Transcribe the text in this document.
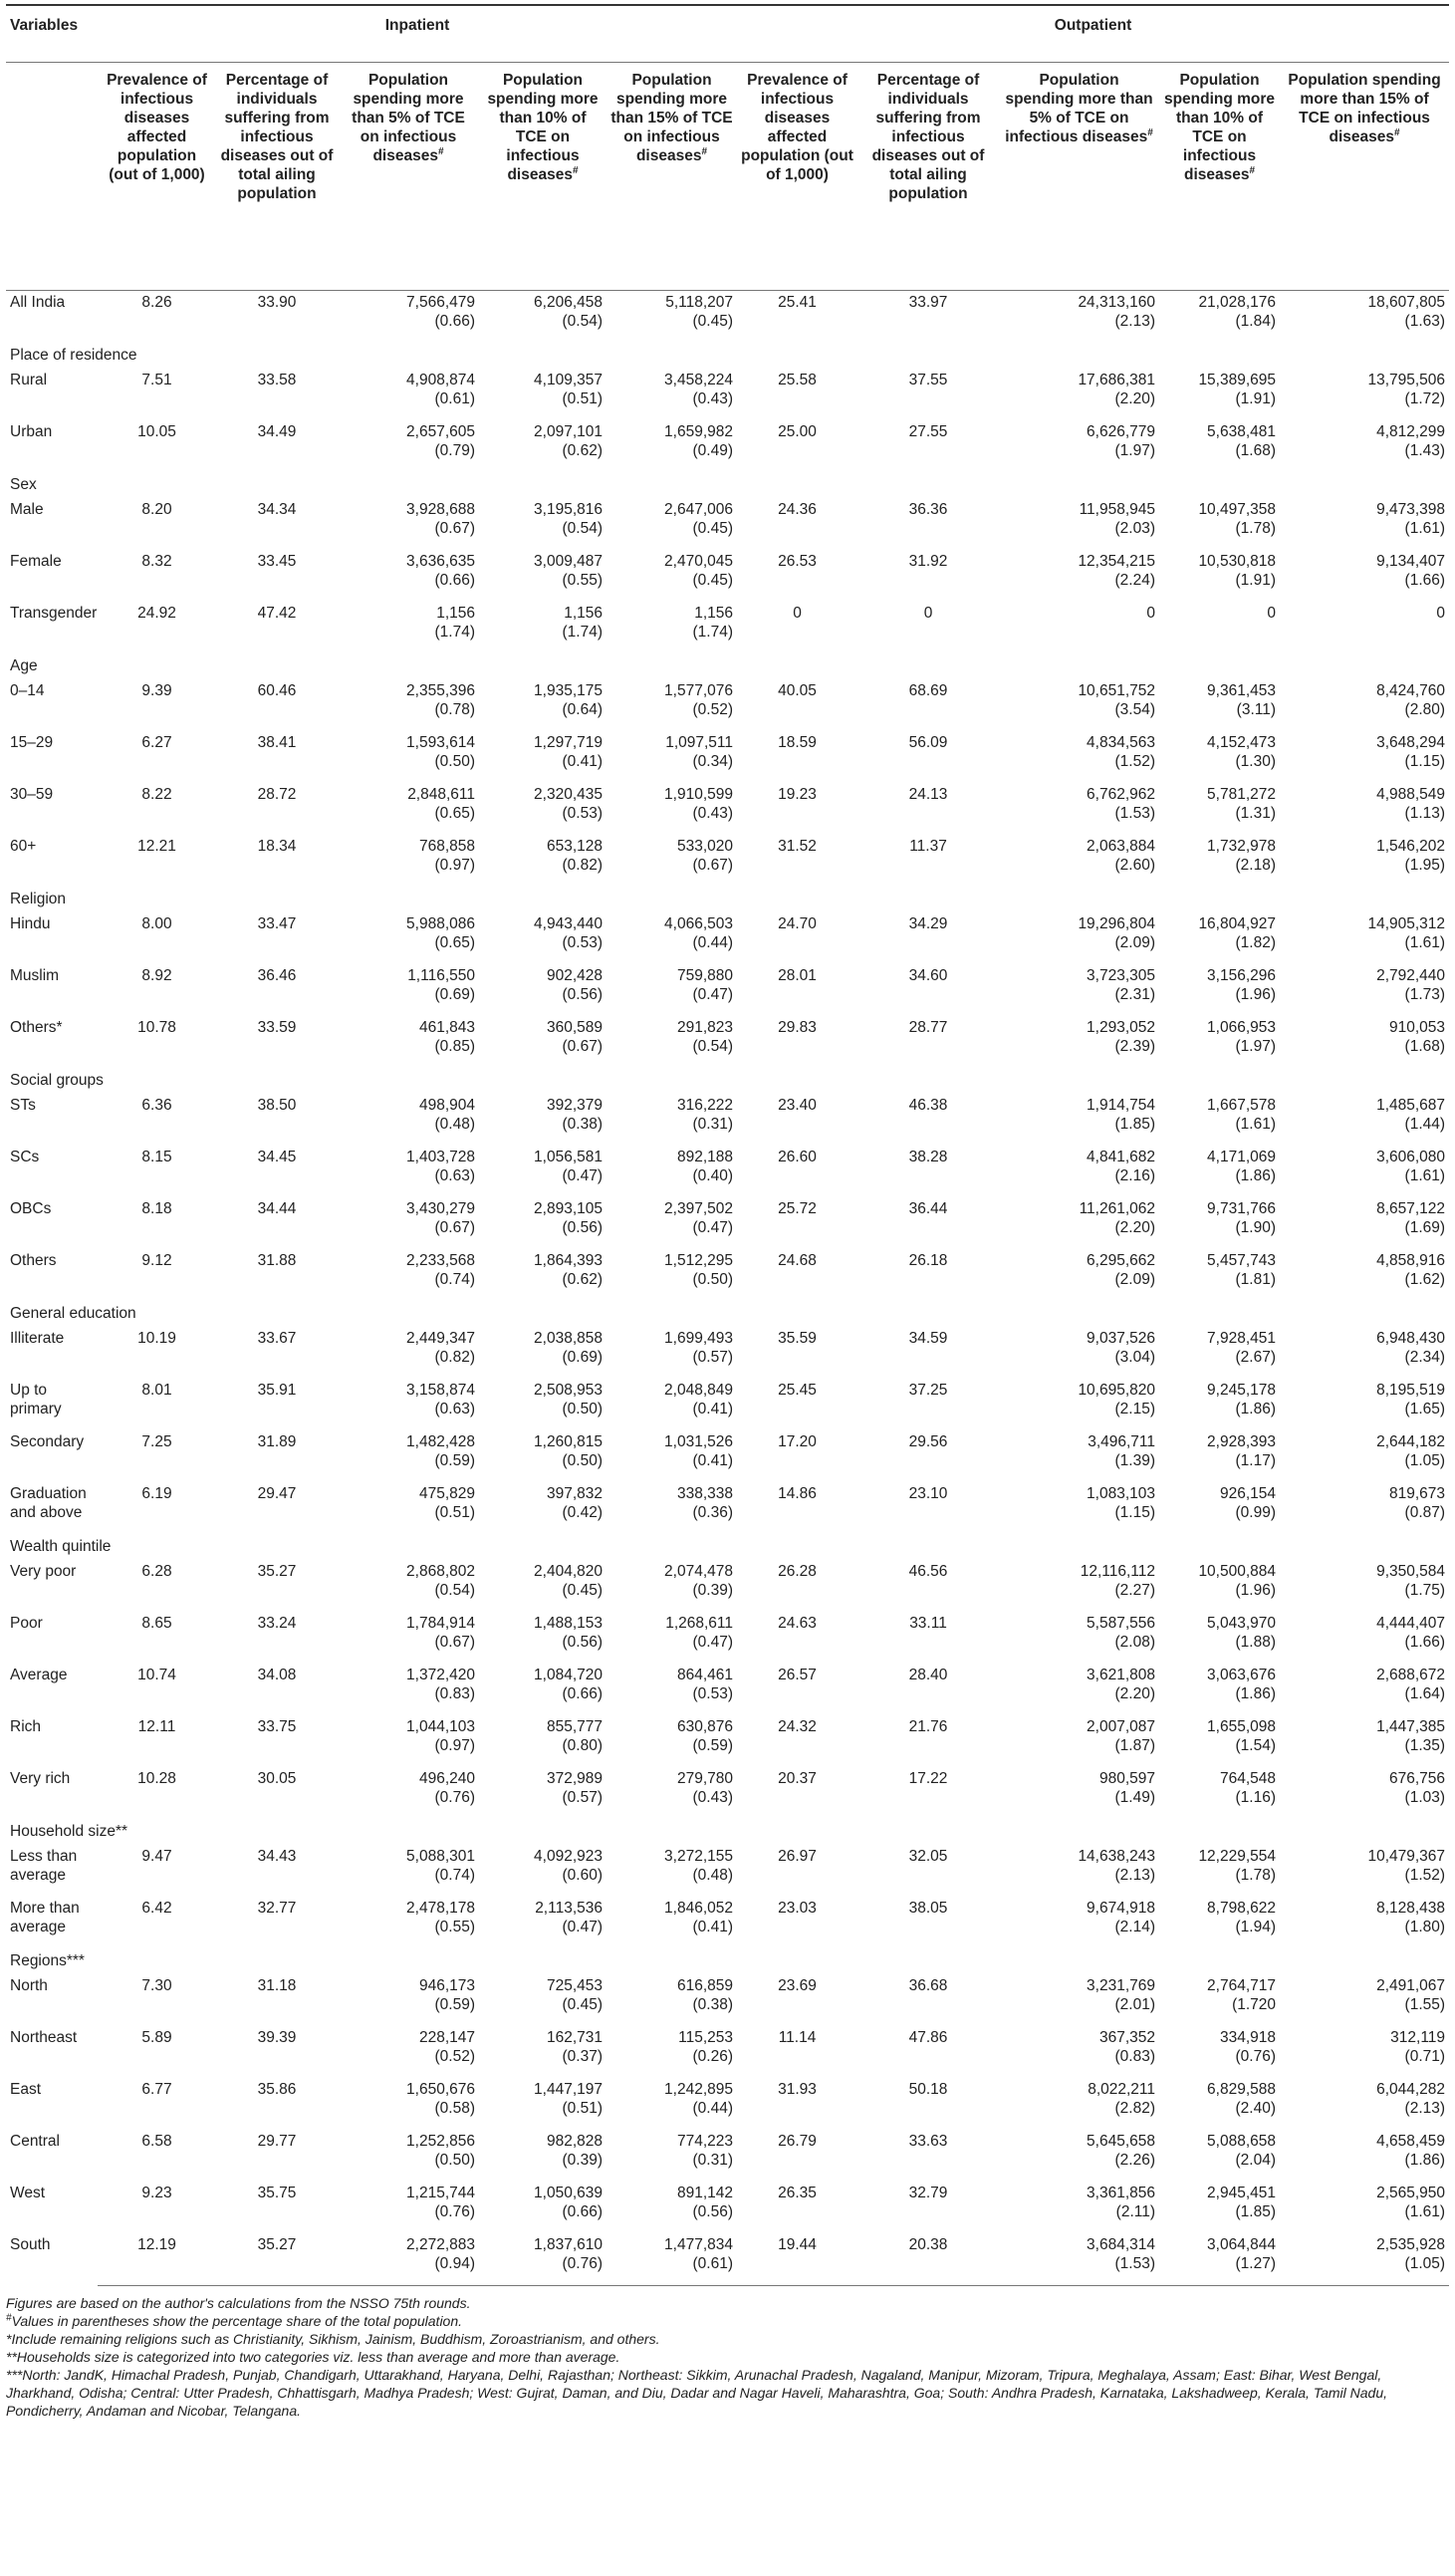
Variables	Inpatient					Outpatient				
	Prevalence of infectious diseases affected population (out of 1,000)	Percentage of individuals suffering from infectious diseases out of total ailing population	Population spending more than 5% of TCE on infectious diseases#	Population spending more than 10% of TCE on infectious diseases#	Population spending more than 15% of TCE on infectious diseases#	Prevalence of infectious diseases affected population (out of 1,000)	Percentage of individuals suffering from infectious diseases out of total ailing population	Population spending more than 5% of TCE on infectious diseases#	Population spending more than 10% of TCE on infectious diseases#	Population spending more than 15% of TCE on infectious diseases#
All India	8.26	33.90	7,566,479	6,206,458	5,118,207	25.41	33.97	24,313,160	21,028,176	18,607,805
			(0.66)	(0.54)	(0.45)			(2.13)	(1.84)	(1.63)
Place of residence										
Rural	7.51	33.58	4,908,874	4,109,357	3,458,224	25.58	37.55	17,686,381	15,389,695	13,795,506
			(0.61)	(0.51)	(0.43)			(2.20)	(1.91)	(1.72)
Urban	10.05	34.49	2,657,605	2,097,101	1,659,982	25.00	27.55	6,626,779	5,638,481	4,812,299
			(0.79)	(0.62)	(0.49)			(1.97)	(1.68)	(1.43)
Sex										
Male	8.20	34.34	3,928,688	3,195,816	2,647,006	24.36	36.36	11,958,945	10,497,358	9,473,398
			(0.67)	(0.54)	(0.45)			(2.03)	(1.78)	(1.61)
Female	8.32	33.45	3,636,635	3,009,487	2,470,045	26.53	31.92	12,354,215	10,530,818	9,134,407
			(0.66)	(0.55)	(0.45)			(2.24)	(1.91)	(1.66)
Transgender	24.92	47.42	1,156	1,156	1,156	0	0	0	0	0
			(1.74)	(1.74)	(1.74)					
Age										
0–14	9.39	60.46	2,355,396	1,935,175	1,577,076	40.05	68.69	10,651,752	9,361,453	8,424,760
			(0.78)	(0.64)	(0.52)			(3.54)	(3.11)	(2.80)
15–29	6.27	38.41	1,593,614	1,297,719	1,097,511	18.59	56.09	4,834,563	4,152,473	3,648,294
			(0.50)	(0.41)	(0.34)			(1.52)	(1.30)	(1.15)
30–59	8.22	28.72	2,848,611	2,320,435	1,910,599	19.23	24.13	6,762,962	5,781,272	4,988,549
			(0.65)	(0.53)	(0.43)			(1.53)	(1.31)	(1.13)
60+	12.21	18.34	768,858	653,128	533,020	31.52	11.37	2,063,884	1,732,978	1,546,202
			(0.97)	(0.82)	(0.67)			(2.60)	(2.18)	(1.95)
Religion										
Hindu	8.00	33.47	5,988,086	4,943,440	4,066,503	24.70	34.29	19,296,804	16,804,927	14,905,312
			(0.65)	(0.53)	(0.44)			(2.09)	(1.82)	(1.61)
Muslim	8.92	36.46	1,116,550	902,428	759,880	28.01	34.60	3,723,305	3,156,296	2,792,440
			(0.69)	(0.56)	(0.47)			(2.31)	(1.96)	(1.73)
Others*	10.78	33.59	461,843	360,589	291,823	29.83	28.77	1,293,052	1,066,953	910,053
			(0.85)	(0.67)	(0.54)			(2.39)	(1.97)	(1.68)
Social groups										
STs	6.36	38.50	498,904	392,379	316,222	23.40	46.38	1,914,754	1,667,578	1,485,687
			(0.48)	(0.38)	(0.31)			(1.85)	(1.61)	(1.44)
SCs	8.15	34.45	1,403,728	1,056,581	892,188	26.60	38.28	4,841,682	4,171,069	3,606,080
			(0.63)	(0.47)	(0.40)			(2.16)	(1.86)	(1.61)
OBCs	8.18	34.44	3,430,279	2,893,105	2,397,502	25.72	36.44	11,261,062	9,731,766	8,657,122
			(0.67)	(0.56)	(0.47)			(2.20)	(1.90)	(1.69)
Others	9.12	31.88	2,233,568	1,864,393	1,512,295	24.68	26.18	6,295,662	5,457,743	4,858,916
			(0.74)	(0.62)	(0.50)			(2.09)	(1.81)	(1.62)
General education										
Illiterate	10.19	33.67	2,449,347	2,038,858	1,699,493	35.59	34.59	9,037,526	7,928,451	6,948,430
			(0.82)	(0.69)	(0.57)			(3.04)	(2.67)	(2.34)
Up to primary	8.01	35.91	3,158,874	2,508,953	2,048,849	25.45	37.25	10,695,820	9,245,178	8,195,519
			(0.63)	(0.50)	(0.41)			(2.15)	(1.86)	(1.65)
Secondary	7.25	31.89	1,482,428	1,260,815	1,031,526	17.20	29.56	3,496,711	2,928,393	2,644,182
			(0.59)	(0.50)	(0.41)			(1.39)	(1.17)	(1.05)
Graduation and above	6.19	29.47	475,829	397,832	338,338	14.86	23.10	1,083,103	926,154	819,673
			(0.51)	(0.42)	(0.36)			(1.15)	(0.99)	(0.87)
Wealth quintile										
Very poor	6.28	35.27	2,868,802	2,404,820	2,074,478	26.28	46.56	12,116,112	10,500,884	9,350,584
			(0.54)	(0.45)	(0.39)			(2.27)	(1.96)	(1.75)
Poor	8.65	33.24	1,784,914	1,488,153	1,268,611	24.63	33.11	5,587,556	5,043,970	4,444,407
			(0.67)	(0.56)	(0.47)			(2.08)	(1.88)	(1.66)
Average	10.74	34.08	1,372,420	1,084,720	864,461	26.57	28.40	3,621,808	3,063,676	2,688,672
			(0.83)	(0.66)	(0.53)			(2.20)	(1.86)	(1.64)
Rich	12.11	33.75	1,044,103	855,777	630,876	24.32	21.76	2,007,087	1,655,098	1,447,385
			(0.97)	(0.80)	(0.59)			(1.87)	(1.54)	(1.35)
Very rich	10.28	30.05	496,240	372,989	279,780	20.37	17.22	980,597	764,548	676,756
			(0.76)	(0.57)	(0.43)			(1.49)	(1.16)	(1.03)
Household size**										
Less than average	9.47	34.43	5,088,301	4,092,923	3,272,155	26.97	32.05	14,638,243	12,229,554	10,479,367
			(0.74)	(0.60)	(0.48)			(2.13)	(1.78)	(1.52)
More than average	6.42	32.77	2,478,178	2,113,536	1,846,052	23.03	38.05	9,674,918	8,798,622	8,128,438
			(0.55)	(0.47)	(0.41)			(2.14)	(1.94)	(1.80)
Regions***										
North	7.30	31.18	946,173	725,453	616,859	23.69	36.68	3,231,769	2,764,717	2,491,067
			(0.59)	(0.45)	(0.38)			(2.01)	(1.720	(1.55)
Northeast	5.89	39.39	228,147	162,731	115,253	11.14	47.86	367,352	334,918	312,119
			(0.52)	(0.37)	(0.26)			(0.83)	(0.76)	(0.71)
East	6.77	35.86	1,650,676	1,447,197	1,242,895	31.93	50.18	8,022,211	6,829,588	6,044,282
			(0.58)	(0.51)	(0.44)			(2.82)	(2.40)	(2.13)
Central	6.58	29.77	1,252,856	982,828	774,223	26.79	33.63	5,645,658	5,088,658	4,658,459
			(0.50)	(0.39)	(0.31)			(2.26)	(2.04)	(1.86)
West	9.23	35.75	1,215,744	1,050,639	891,142	26.35	32.79	3,361,856	2,945,451	2,565,950
			(0.76)	(0.66)	(0.56)			(2.11)	(1.85)	(1.61)
South	12.19	35.27	2,272,883	1,837,610	1,477,834	19.44	20.38	3,684,314	3,064,844	2,535,928
			(0.94)	(0.76)	(0.61)			(1.53)	(1.27)	(1.05)
Figures are based on the author's calculations from the NSSO 75th rounds.
#Values in parentheses show the percentage share of the total population.
*Include remaining religions such as Christianity, Sikhism, Jainism, Buddhism, Zoroastrianism, and others.
**Households size is categorized into two categories viz. less than average and more than average.
***North: JandK, Himachal Pradesh, Punjab, Chandigarh, Uttarakhand, Haryana, Delhi, Rajasthan; Northeast: Sikkim, Arunachal Pradesh, Nagaland, Manipur, Mizoram, Tripura, Meghalaya, Assam; East: Bihar, West Bengal, Jharkhand, Odisha; Central: Utter Pradesh, Chhattisgarh, Madhya Pradesh; West: Gujrat, Daman, and Diu, Dadar and Nagar Haveli, Maharashtra, Goa; South: Andhra Pradesh, Karnataka, Lakshadweep, Kerala, Tamil Nadu, Pondicherry, Andaman and Nicobar, Telangana.
